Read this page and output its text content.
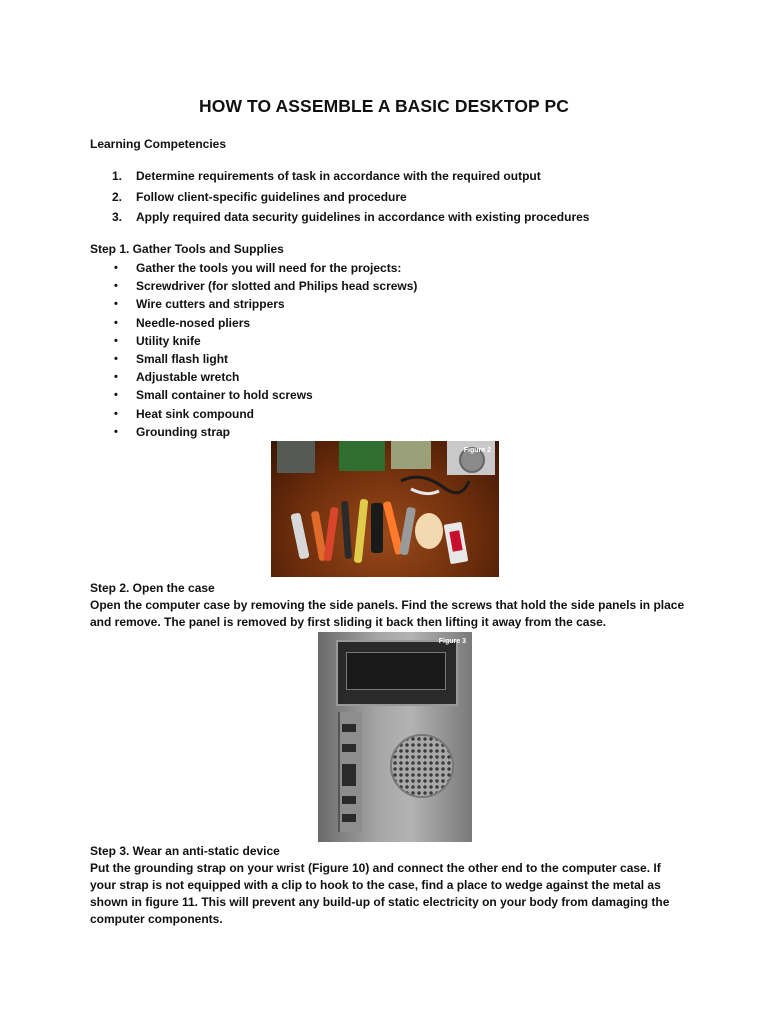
HOW TO ASSEMBLE A BASIC DESKTOP PC
Learning Competencies
1. Determine requirements of task in accordance with the required output
2. Follow client-specific guidelines and procedure
3. Apply required data security guidelines in accordance with existing procedures
Step 1. Gather Tools and Supplies
• Gather the tools you will need for the projects:
• Screwdriver (for slotted and Philips head screws)
• Wire cutters and strippers
• Needle-nosed pliers
• Utility knife
• Small flash light
• Adjustable wretch
• Small container to hold screws
• Heat sink compound
• Grounding strap
Figure 2
Step 2. Open the case
Open the computer case by removing the side panels. Find the screws that hold the side panels in place
and remove. The panel is removed by first sliding it back then lifting it away from the case.
Figure 3
Step 3. Wear an anti-static device
Put the grounding strap on your wrist (Figure 10) and connect the other end to the computer case. If
your strap is not equipped with a clip to hook to the case, find a place to wedge against the metal as
shown in figure 11. This will prevent any build-up of static electricity on your body from damaging the
computer components.
